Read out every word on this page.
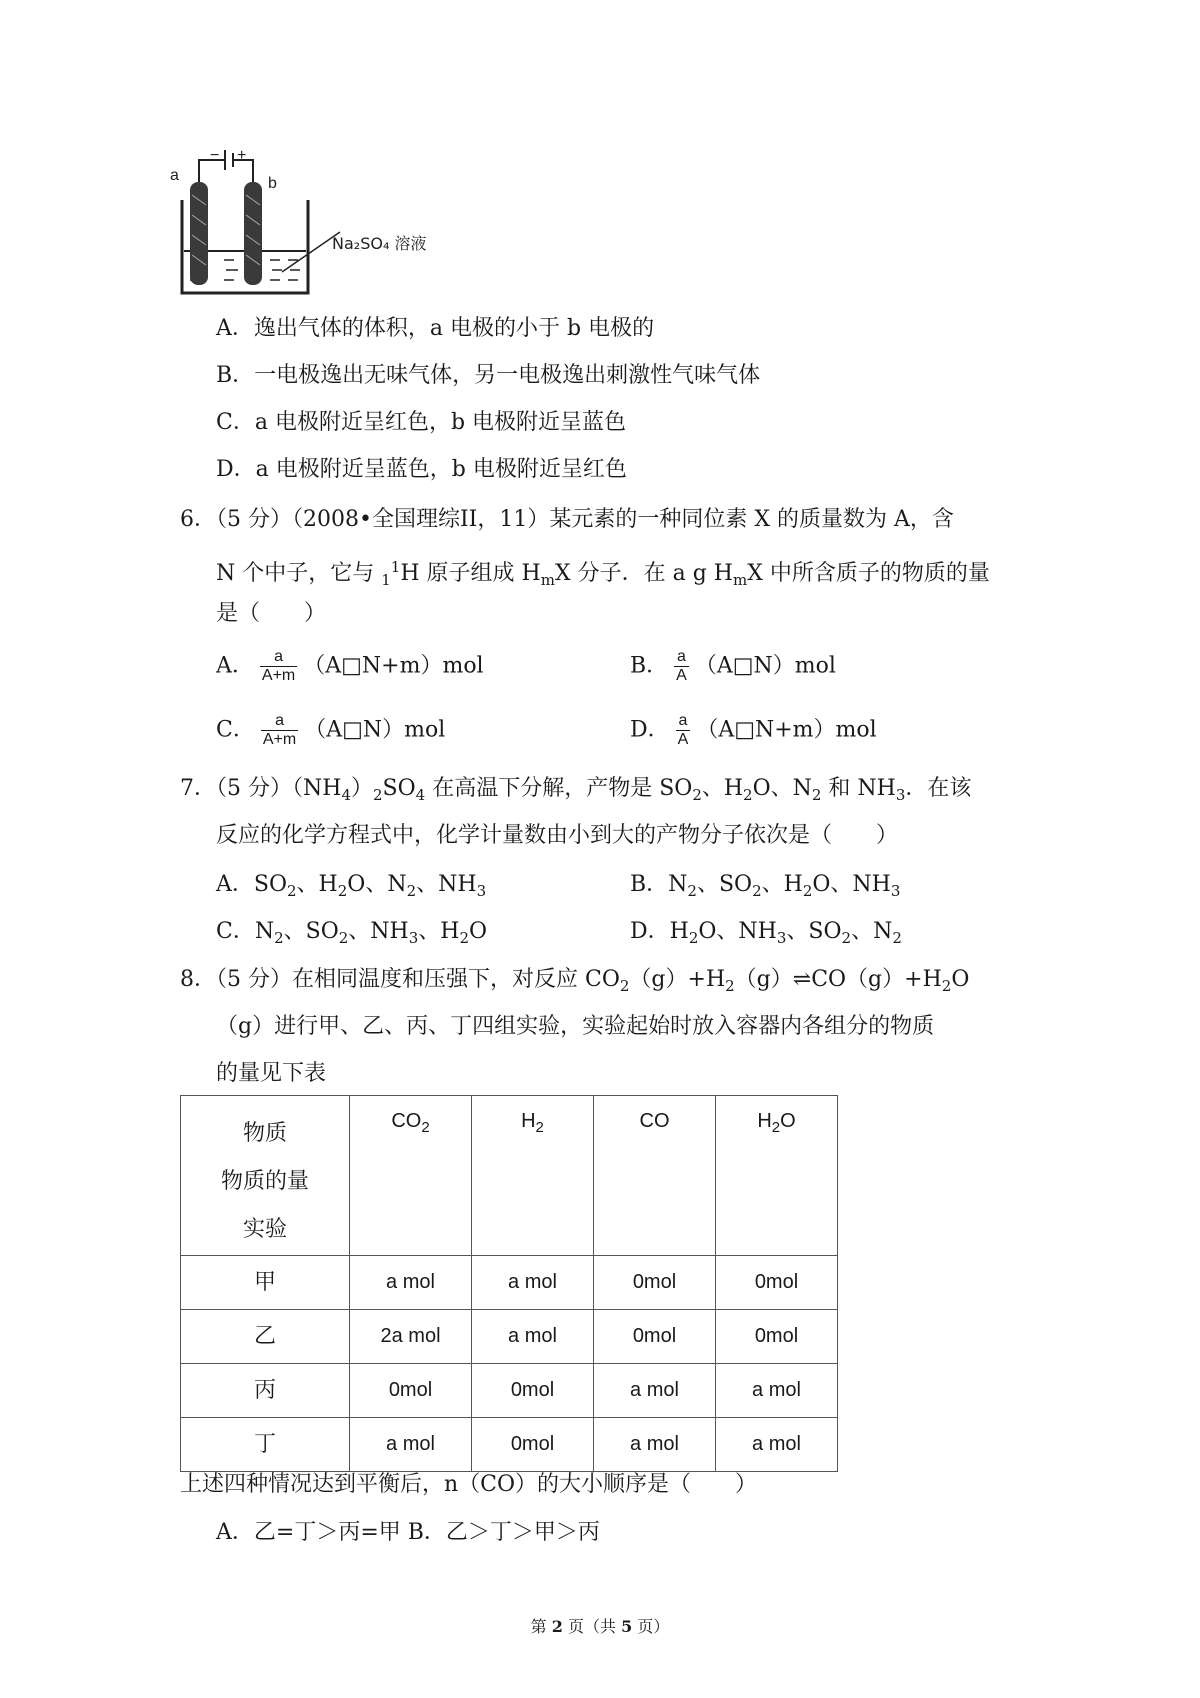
a	b
− +
Na₂SO₄ 溶液
A．逸出气体的体积，a 电极的小于 b 电极的
B．一电极逸出无味气体，另一电极逸出刺激性气味气体
C．a 电极附近呈红色，b 电极附近呈蓝色
D．a 电极附近呈蓝色，b 电极附近呈红色
6．（5 分）（2008•全国理综II，11）某元素的一种同位素 X 的质量数为 A，含
N 个中子，它与 $_1^1$H 原子组成 $H_mX$ 分子．在 a g $H_mX$ 中所含质子的物质的量
是（　　）
A． $\frac{a}{A+m}$ （A□N+m）mol	B． $\frac{a}{A}$ （A□N）mol
C． $\frac{a}{A+m}$ （A□N）mol	D． $\frac{a}{A}$ （A□N+m）mol
7．（5 分）$(NH_4)_2SO_4$ 在高温下分解，产物是 $SO_2$、$H_2O$、$N_2$ 和 $NH_3$．在该
反应的化学方程式中，化学计量数由小到大的产物分子依次是（　　）
A．$SO_2$、$H_2O$、$N_2$、$NH_3$	B．$N_2$、$SO_2$、$H_2O$、$NH_3$
C．$N_2$、$SO_2$、$NH_3$、$H_2O$	D．$H_2O$、$NH_3$、$SO_2$、$N_2$
8．（5 分）在相同温度和压强下，对反应 $CO_2(g)+H_2(g)\rightleftharpoons CO(g)+H_2O$
（g）进行甲、乙、丙、丁四组实验，实验起始时放入容器内各组分的物质
的量见下表
物质
物质的量
实验	$CO_2$	$H_2$	CO	$H_2O$
甲	a mol	a mol	0mol	0mol
乙	2a mol	a mol	0mol	0mol
丙	0mol	0mol	a mol	a mol
丁	a mol	0mol	a mol	a mol
上述四种情况达到平衡后，n（CO）的大小顺序是（　　）
A．乙=丁＞丙=甲 B．乙＞丁＞甲＞丙
第 2 页（共 5 页）
